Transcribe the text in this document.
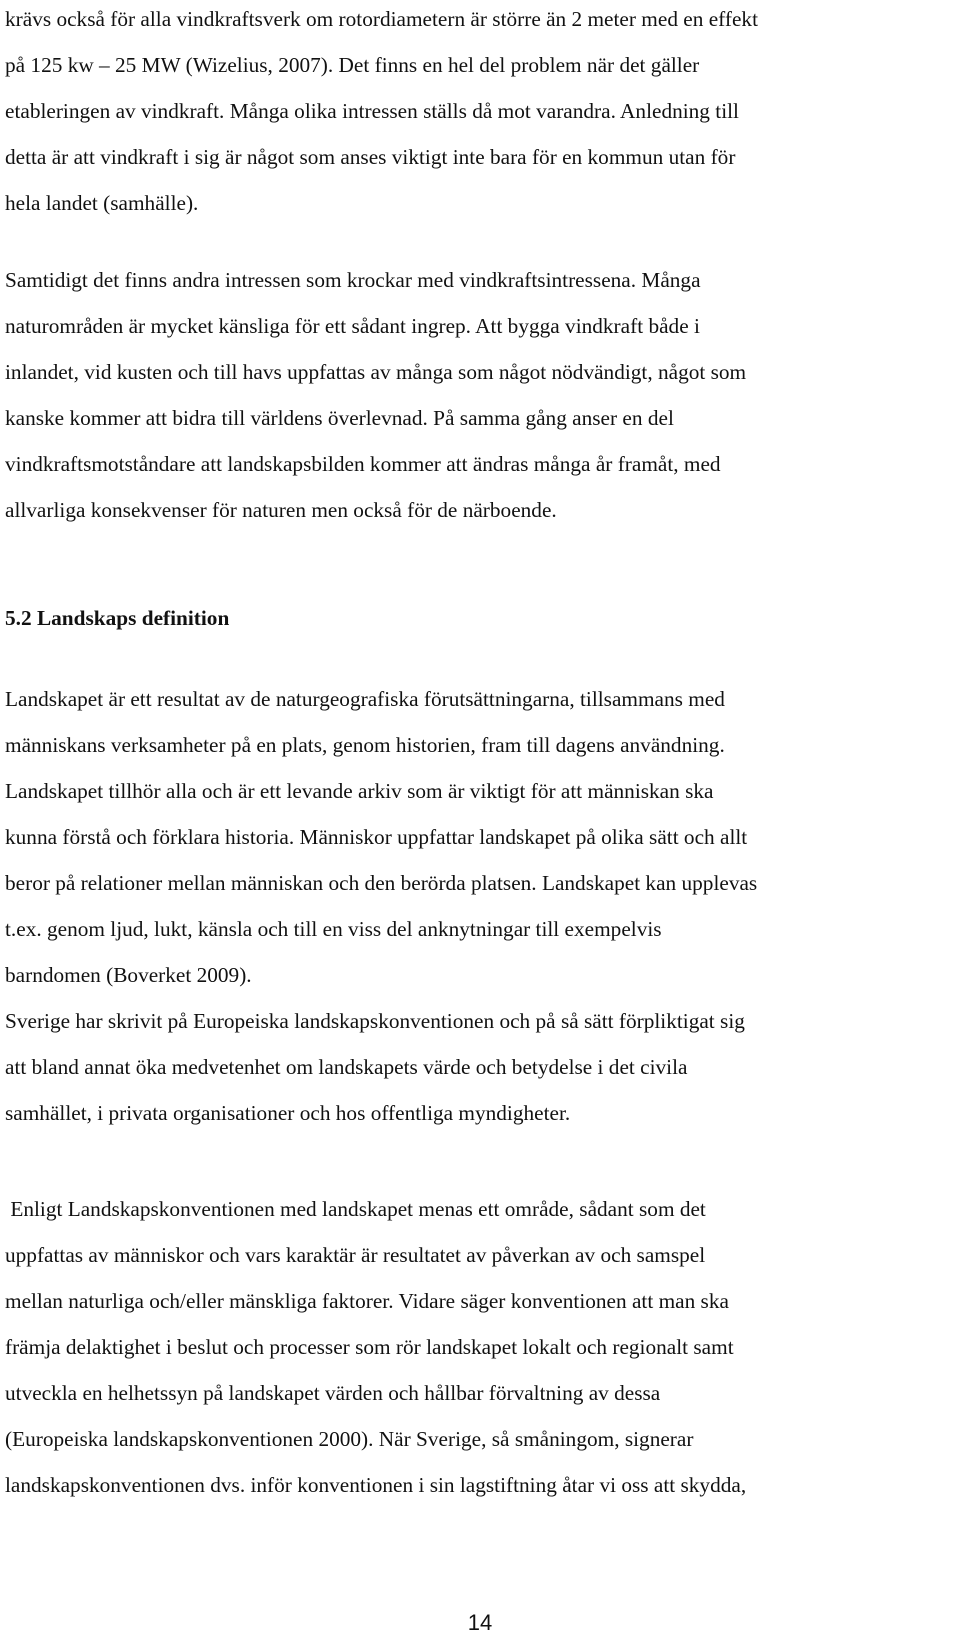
krävs också för alla vindkraftsverk om rotordiametern är större än 2 meter med en effekt
på 125 kw – 25 MW (Wizelius, 2007). Det finns en hel del problem när det gäller
etableringen av vindkraft. Många olika intressen ställs då mot varandra. Anledning till
detta är att vindkraft i sig är något som anses viktigt inte bara för en kommun utan för
hela landet (samhälle).
Samtidigt det finns andra intressen som krockar med vindkraftsintressena. Många
naturområden är mycket känsliga för ett sådant ingrep. Att bygga vindkraft både i
inlandet, vid kusten och till havs uppfattas av många som något nödvändigt, något som
kanske kommer att bidra till världens överlevnad. På samma gång anser en del
vindkraftsmotståndare att landskapsbilden kommer att ändras många år framåt, med
allvarliga konsekvenser för naturen men också för de närboende.
5.2 Landskaps definition
Landskapet är ett resultat av de naturgeografiska förutsättningarna, tillsammans med
människans verksamheter på en plats, genom historien, fram till dagens användning.
Landskapet tillhör alla och är ett levande arkiv som är viktigt för att människan ska
kunna förstå och förklara historia. Människor uppfattar landskapet på olika sätt och allt
beror på relationer mellan människan och den berörda platsen. Landskapet kan upplevas
t.ex. genom ljud, lukt, känsla och till en viss del anknytningar till exempelvis
barndomen (Boverket 2009).
Sverige har skrivit på Europeiska landskapskonventionen och på så sätt förpliktigat sig
att bland annat öka medvetenhet om landskapets värde och betydelse i det civila
samhället, i privata organisationer och hos offentliga myndigheter.
Enligt Landskapskonventionen med landskapet menas ett område, sådant som det
uppfattas av människor och vars karaktär är resultatet av påverkan av och samspel
mellan naturliga och/eller mänskliga faktorer. Vidare säger konventionen att man ska
främja delaktighet i beslut och processer som rör landskapet lokalt och regionalt samt
utveckla en helhetssyn på landskapet värden och hållbar förvaltning av dessa
(Europeiska landskapskonventionen 2000). När Sverige, så småningom, signerar
landskapskonventionen dvs. inför konventionen i sin lagstiftning åtar vi oss att skydda,
14
